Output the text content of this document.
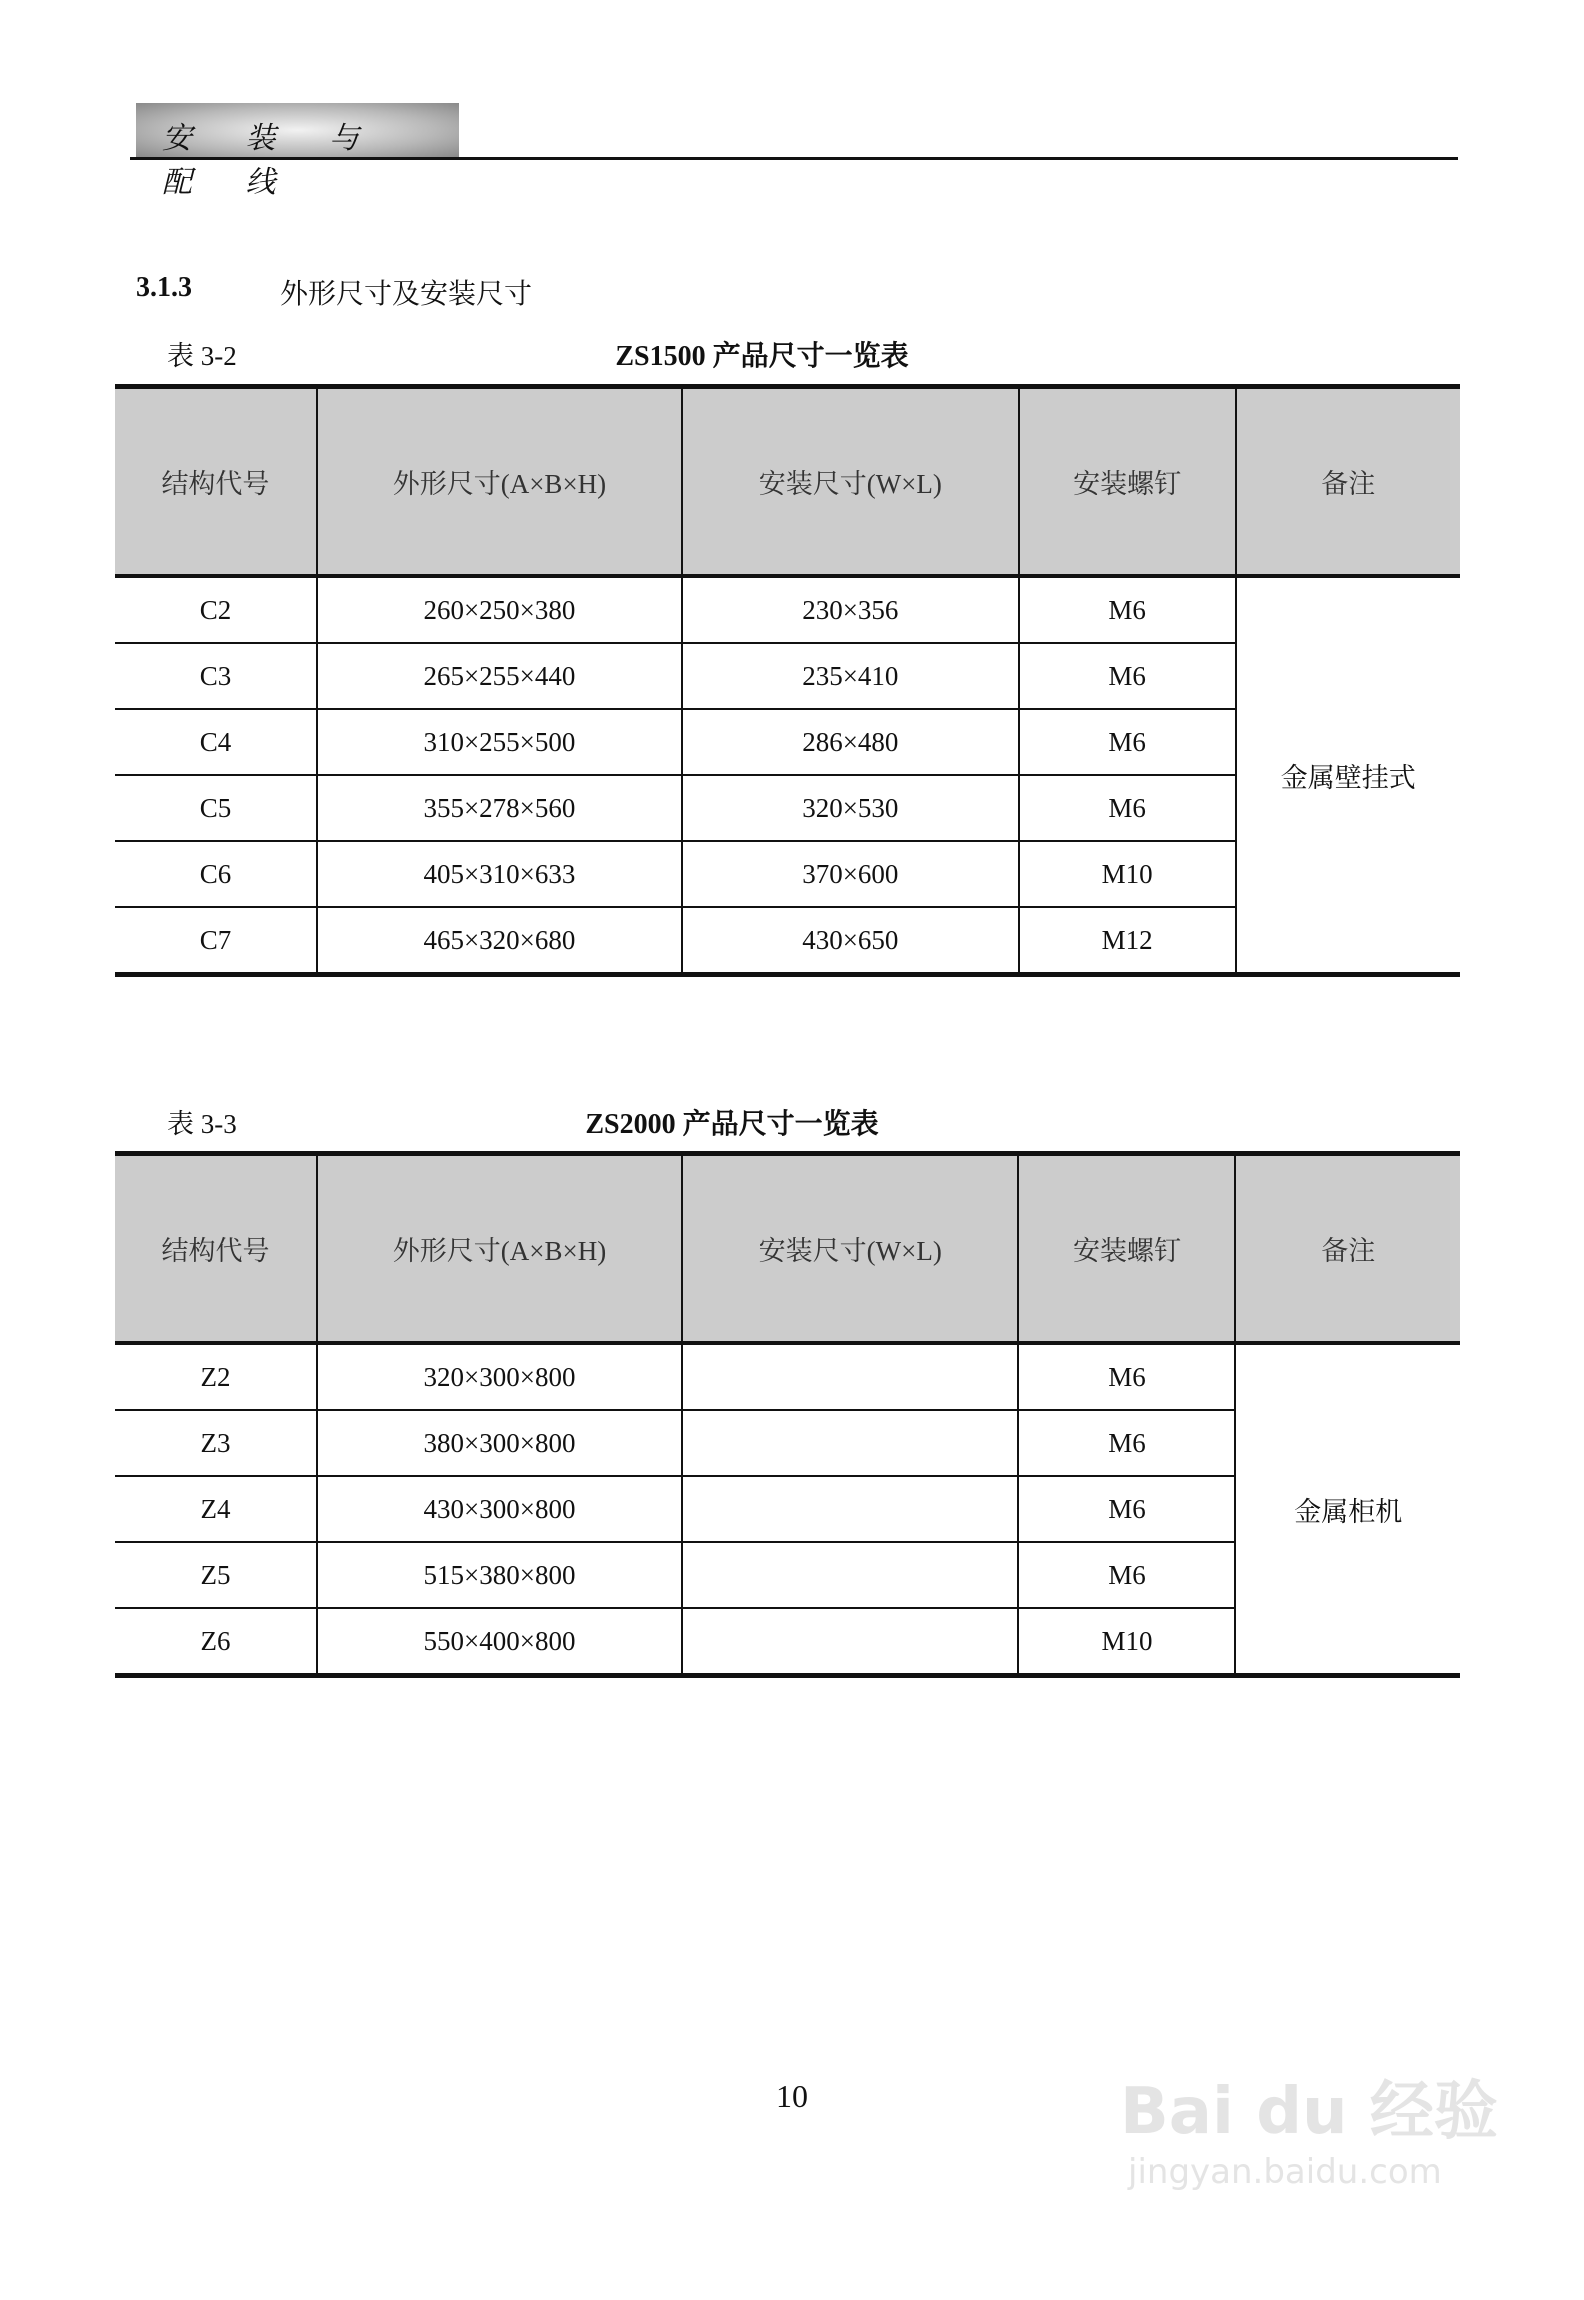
安 装 与 配 线
3.1.3	外形尺寸及安装尺寸
表 3-2	ZS1500 产品尺寸一览表
结构代号	外形尺寸(A×B×H)	安装尺寸(W×L)	安装螺钉	备注
C2	260×250×380	230×356	M6	金属壁挂式
C3	265×255×440	235×410	M6	
C4	310×255×500	286×480	M6	
C5	355×278×560	320×530	M6	
C6	405×310×633	370×600	M10	
C7	465×320×680	430×650	M12	
表 3-3	ZS2000 产品尺寸一览表
结构代号	外形尺寸(A×B×H)	安装尺寸(W×L)	安装螺钉	备注
Z2	320×300×800		M6	金属柜机
Z3	380×300×800		M6	
Z4	430×300×800		M6	
Z5	515×380×800		M6	
Z6	550×400×800		M10	
10	Bai du 经验
jingyan.baidu.com
